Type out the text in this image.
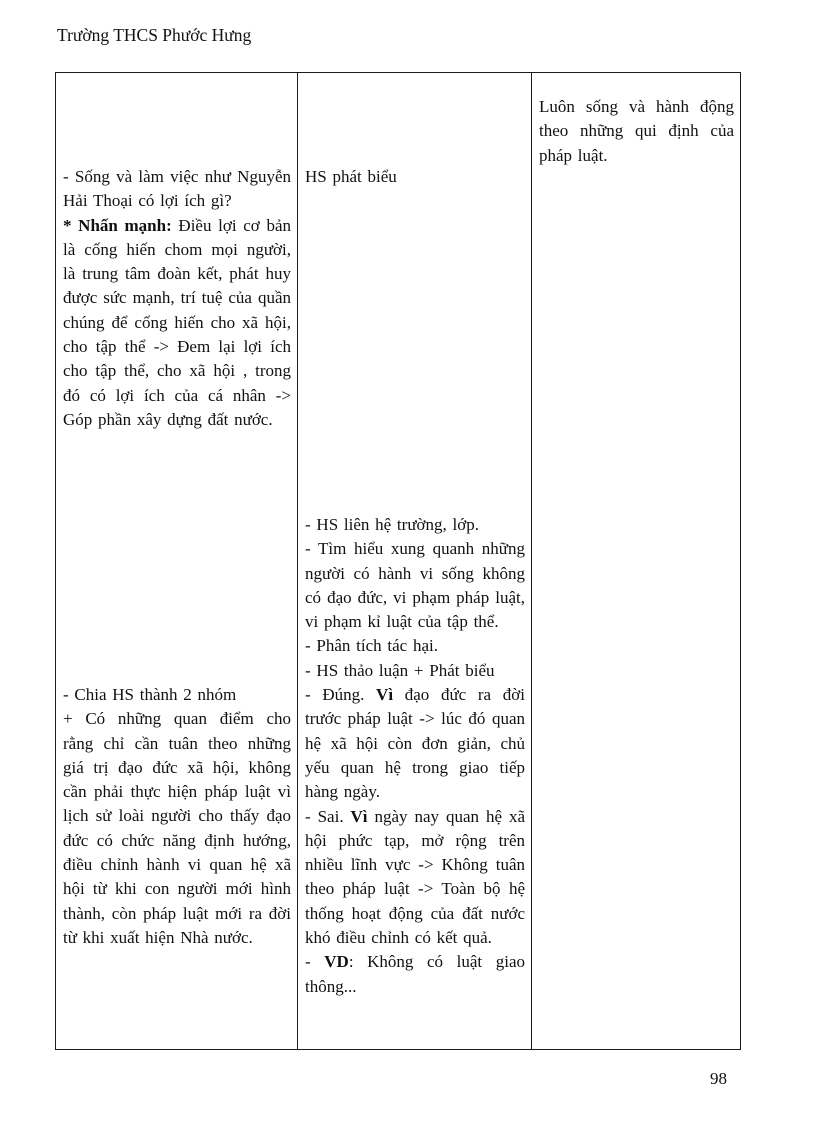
Trường THCS Phước Hưng

- Sống và làm việc như Nguyễn Hải Thoại có lợi ích gì?

* Nhấn mạnh: Điều lợi cơ bản là cống hiến chom mọi người, là trung tâm đoàn kết, phát huy được sức mạnh, trí tuệ của quần chúng để cống hiến cho xã hội, cho tập thể -> Đem lại lợi ích cho tập thể, cho xã hội , trong đó có lợi ích của cá nhân -> Góp phần xây dựng đất nước.

- Chia HS thành 2 nhóm

+ Có những quan điểm cho rằng chỉ cần tuân theo những giá trị đạo đức xã hội, không cần phải thực hiện pháp luật vì lịch sử loài người cho thấy đạo đức có chức năng định hướng, điều chỉnh hành vi quan hệ xã hội từ khi con người mới hình thành, còn pháp luật mới ra đời từ khi xuất hiện Nhà nước.

HS phát biểu

- HS liên hệ trường, lớp.

- Tìm hiểu xung quanh những người có hành vi sống không có đạo đức, vi phạm pháp luật, vi phạm kỉ luật của tập thể.

- Phân tích tác hại.

- HS thảo luận + Phát biểu

- Đúng. Vì đạo đức ra đời trước pháp luật -> lúc đó quan hệ xã hội còn đơn giản, chủ yếu quan hệ trong giao tiếp hàng ngày.

- Sai. Vì ngày nay quan hệ xã hội phức tạp, mở rộng trên nhiều lĩnh vực -> Không tuân theo pháp luật -> Toàn bộ hệ thống hoạt động của đất nước khó điều chỉnh có kết quả.

- VD: Không có luật giao thông...

Luôn sống và hành động theo những qui định của pháp luật.

98
